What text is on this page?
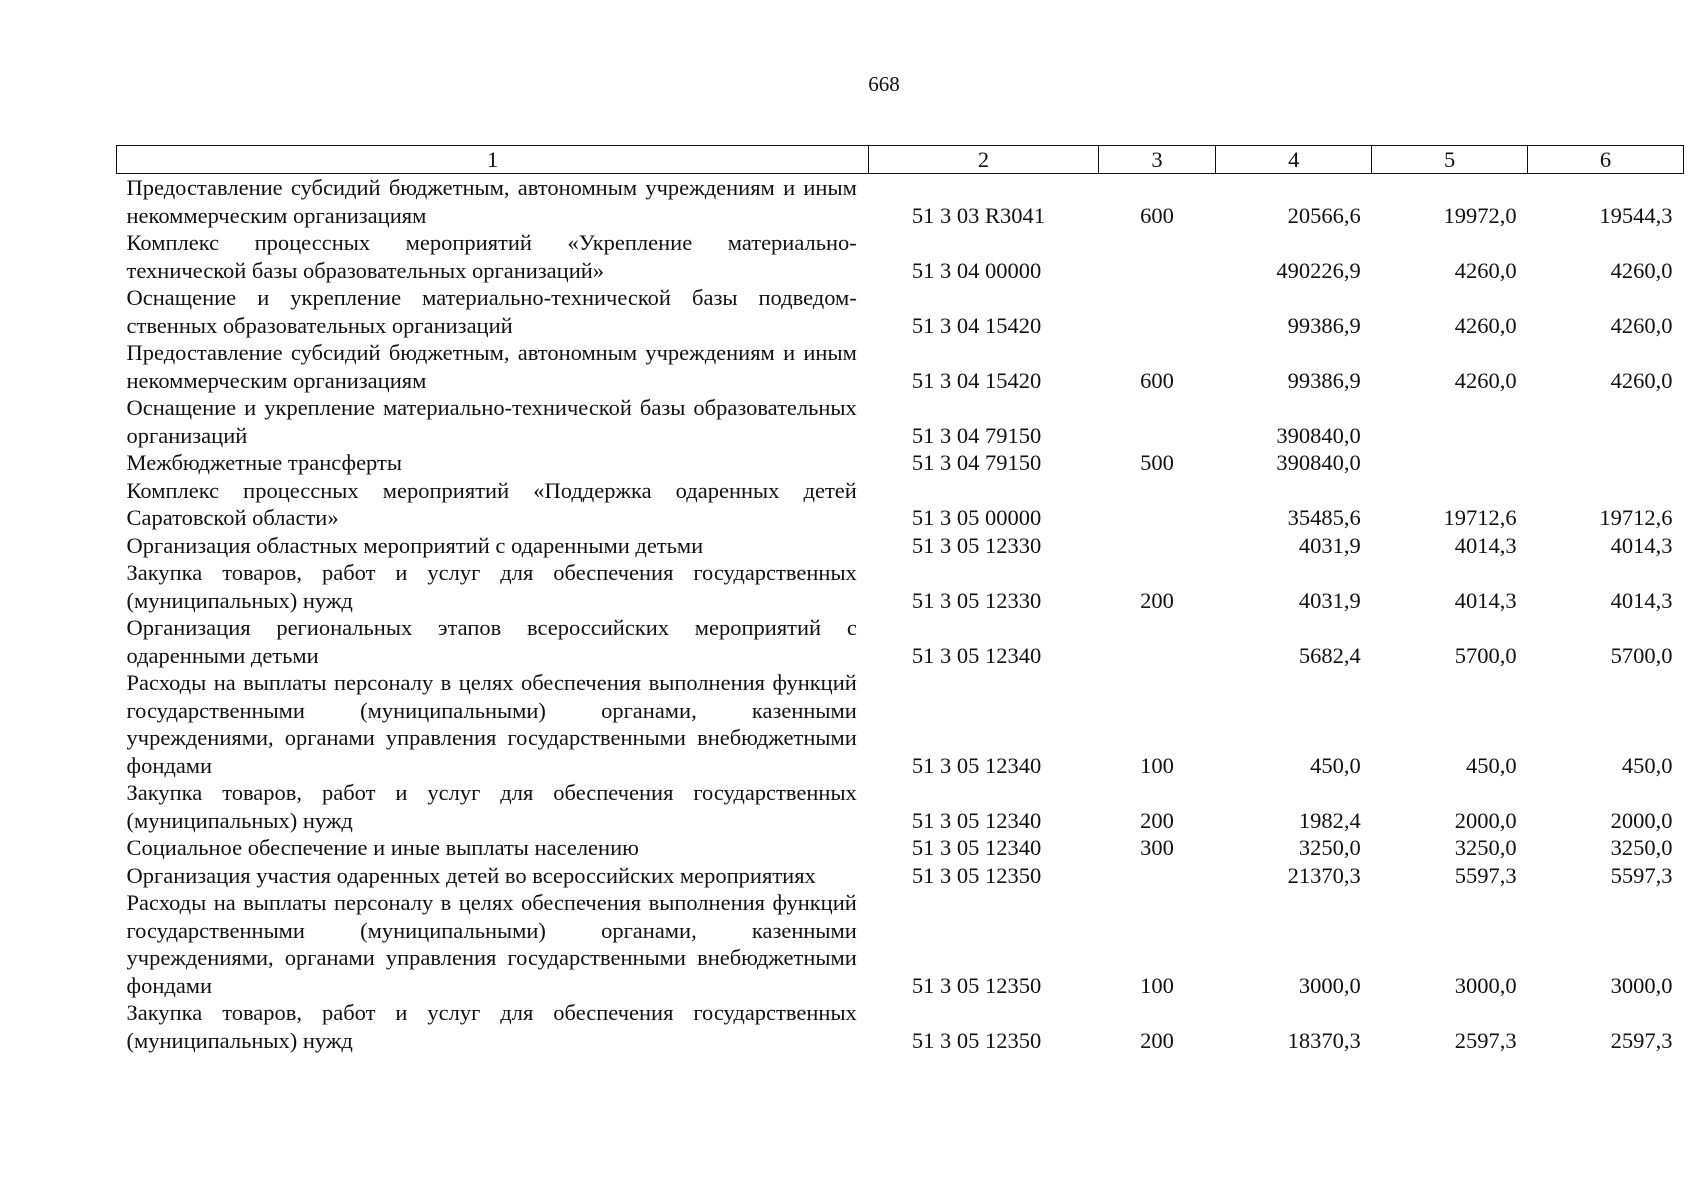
668
1	2	3	4	5	6
Предоставление субсидий бюджетным, автономным учреждениям и иным некоммерческим организациям	51 3 03 R3041	600	20566,6	19972,0	19544,3
Комплекс процессных мероприятий «Укрепление материально-технической базы образовательных организаций»	51 3 04 00000		490226,9	4260,0	4260,0
Оснащение и укрепление материально-технической базы подведомственных образовательных организаций	51 3 04 15420		99386,9	4260,0	4260,0
Предоставление субсидий бюджетным, автономным учреждениям и иным некоммерческим организациям	51 3 04 15420	600	99386,9	4260,0	4260,0
Оснащение и укрепление материально-технической базы образовательных организаций	51 3 04 79150		390840,0		
Межбюджетные трансферты	51 3 04 79150	500	390840,0		
Комплекс процессных мероприятий «Поддержка одаренных детей Саратовской области»	51 3 05 00000		35485,6	19712,6	19712,6
Организация областных мероприятий с одаренными детьми	51 3 05 12330		4031,9	4014,3	4014,3
Закупка товаров, работ и услуг для обеспечения государственных (муниципальных) нужд	51 3 05 12330	200	4031,9	4014,3	4014,3
Организация региональных этапов всероссийских мероприятий с одаренными детьми	51 3 05 12340		5682,4	5700,0	5700,0
Расходы на выплаты персоналу в целях обеспечения выполнения функций государственными (муниципальными) органами, казенными учреждениями, органами управления государственными внебюджетными фондами	51 3 05 12340	100	450,0	450,0	450,0
Закупка товаров, работ и услуг для обеспечения государственных (муниципальных) нужд	51 3 05 12340	200	1982,4	2000,0	2000,0
Социальное обеспечение и иные выплаты населению	51 3 05 12340	300	3250,0	3250,0	3250,0
Организация участия одаренных детей во всероссийских мероприятиях	51 3 05 12350		21370,3	5597,3	5597,3
Расходы на выплаты персоналу в целях обеспечения выполнения функций государственными (муниципальными) органами, казенными учреждениями, органами управления государственными внебюджетными фондами	51 3 05 12350	100	3000,0	3000,0	3000,0
Закупка товаров, работ и услуг для обеспечения государственных (муниципальных) нужд	51 3 05 12350	200	18370,3	2597,3	2597,3
